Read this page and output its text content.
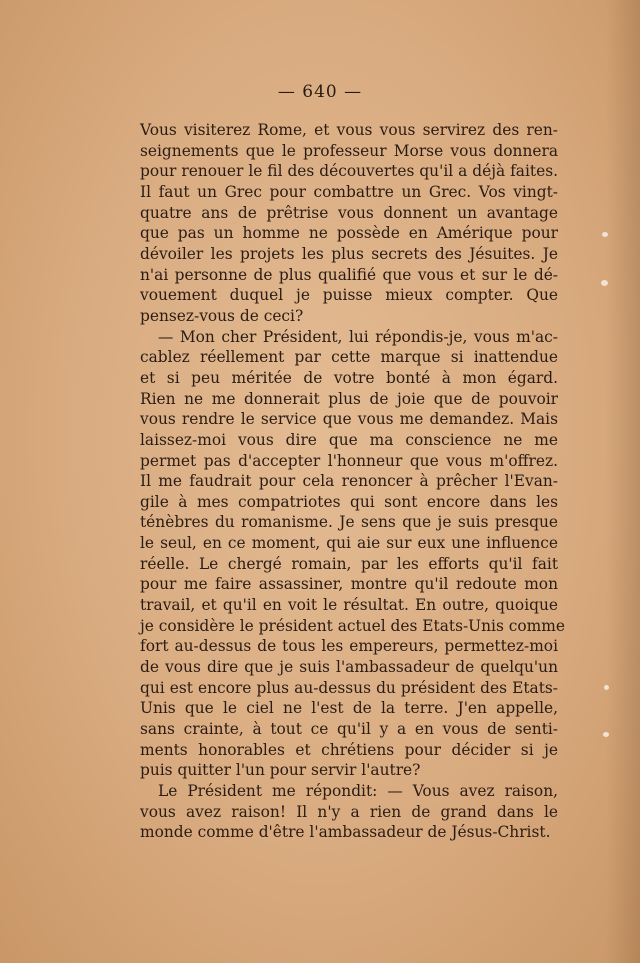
— 640 —
Vous visiterez Rome, et vous vous servirez des ren-
seignements que le professeur Morse vous donnera
pour renouer le fil des découvertes qu'il a déjà faites.
Il faut un Grec pour combattre un Grec. Vos vingt-
quatre ans de prêtrise vous donnent un avantage
que pas un homme ne possède en Amérique pour
dévoiler les projets les plus secrets des Jésuites. Je
n'ai personne de plus qualifié que vous et sur le dé-
vouement duquel je puisse mieux compter. Que
pensez-vous de ceci?
— Mon cher Président, lui répondis-je, vous m'ac-
cablez réellement par cette marque si inattendue
et si peu méritée de votre bonté à mon égard.
Rien ne me donnerait plus de joie que de pouvoir
vous rendre le service que vous me demandez. Mais
laissez-moi vous dire que ma conscience ne me
permet pas d'accepter l'honneur que vous m'offrez.
Il me faudrait pour cela renoncer à prêcher l'Evan-
gile à mes compatriotes qui sont encore dans les
ténèbres du romanisme. Je sens que je suis presque
le seul, en ce moment, qui aie sur eux une influence
réelle. Le chergé romain, par les efforts qu'il fait
pour me faire assassiner, montre qu'il redoute mon
travail, et qu'il en voit le résultat. En outre, quoique
je considère le président actuel des Etats-Unis comme
fort au-dessus de tous les empereurs, permettez-moi
de vous dire que je suis l'ambassadeur de quelqu'un
qui est encore plus au-dessus du président des Etats-
Unis que le ciel ne l'est de la terre. J'en appelle,
sans crainte, à tout ce qu'il y a en vous de senti-
ments honorables et chrétiens pour décider si je
puis quitter l'un pour servir l'autre?
Le Président me répondit: — Vous avez raison,
vous avez raison! Il n'y a rien de grand dans le
monde comme d'être l'ambassadeur de Jésus-Christ.
